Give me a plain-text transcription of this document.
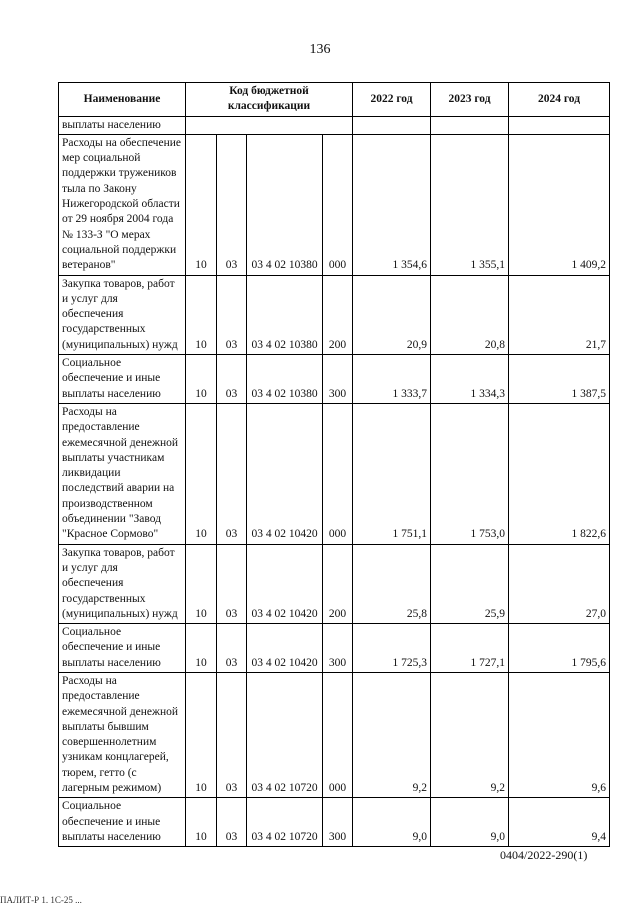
136
Наименование	Код бюджетной классификации				2022 год	2023 год	2024 год
выплаты населению							
Расходы на обеспечение мер социальной поддержки тружеников тыла по Закону Нижегородской области от 29 ноября 2004 года № 133-З "О мерах социальной поддержки ветеранов"	10	03	03 4 02 10380	000	1 354,6	1 355,1	1 409,2
Закупка товаров, работ и услуг для обеспечения государственных (муниципальных) нужд	10	03	03 4 02 10380	200	20,9	20,8	21,7
Социальное обеспечение и иные выплаты населению	10	03	03 4 02 10380	300	1 333,7	1 334,3	1 387,5
Расходы на предоставление ежемесячной денежной выплаты участникам ликвидации последствий аварии на производственном объединении "Завод "Красное Сормово"	10	03	03 4 02 10420	000	1 751,1	1 753,0	1 822,6
Закупка товаров, работ и услуг для обеспечения государственных (муниципальных) нужд	10	03	03 4 02 10420	200	25,8	25,9	27,0
Социальное обеспечение и иные выплаты населению	10	03	03 4 02 10420	300	1 725,3	1 727,1	1 795,6
Расходы на предоставление ежемесячной денежной выплаты бывшим совершеннолетним узникам концлагерей, тюрем, гетто (с лагерным режимом)	10	03	03 4 02 10720	000	9,2	9,2	9,6
Социальное обеспечение и иные выплаты населению	10	03	03 4 02 10720	300	9,0	9,0	9,4
0404/2022-290(1)
ПАЛИТ-Р 1. 1С-25 ...
